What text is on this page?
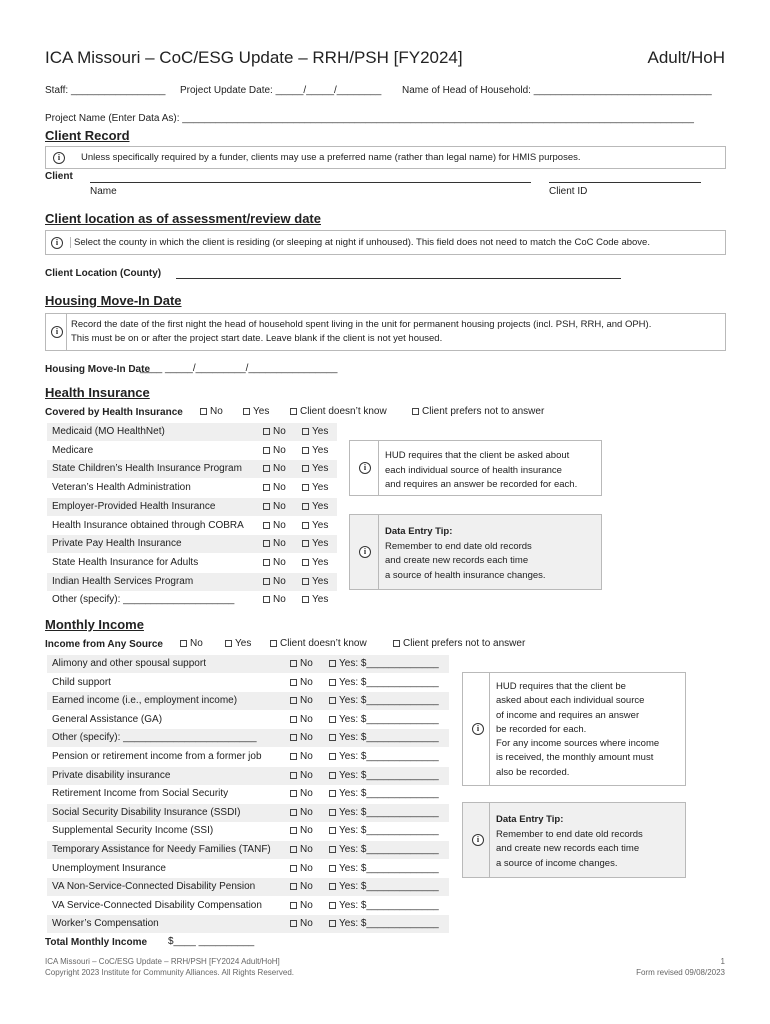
ICA Missouri – CoC/ESG Update – RRH/PSH [FY2024]	Adult/HoH
Staff: _________________ Project Update Date: _____/_____/________ Name of Head of Household: ________________________________
Project Name (Enter Data As): ____________________________________________________________________________________________
Client Record
i	Unless specifically required by a funder, clients may use a preferred name (rather than legal name) for HMIS purposes.
Client
Name	Client ID
Client location as of assessment/review date
i	Select the county in which the client is residing (or sleeping at night if unhoused). This field does not need to match the CoC Code above.
Client Location (County)
Housing Move-In Date
i
Record the date of the first night the head of household spent living in the unit for permanent housing projects (incl. PSH, RRH, and OPH).
This must be on or after the project start date. Leave blank if the client is not yet housed.
Housing Move-In Date
____ _____/_________/________________
Health Insurance
Covered by Health Insurance	No	Yes	Client doesn’t know	Client prefers not to answer
Medicaid (MO HealthNet)	No	Yes
Medicare	No	Yes
State Children’s Health Insurance Program	No	Yes
Veteran’s Health Administration	No	Yes
Employer-Provided Health Insurance	No	Yes
Health Insurance obtained through COBRA	No	Yes
Private Pay Health Insurance	No	Yes
State Health Insurance for Adults	No	Yes
Indian Health Services Program	No	Yes
Other (specify): ____________________	No	Yes
i
HUD requires that the client be asked about
each individual source of health insurance
and requires an answer be recorded for each.
i
Data Entry Tip:
Remember to end date old records
and create new records each time
a source of health insurance changes.
Monthly Income
Income from Any Source	No	Yes	Client doesn’t know	Client prefers not to answer
Alimony and other spousal support	No	Yes: $_____________
Child support	No	Yes: $_____________
Earned income (i.e., employment income)	No	Yes: $_____________
General Assistance (GA)	No	Yes: $_____________
Other (specify): ________________________	No	Yes: $_____________
Pension or retirement income from a former job	No	Yes: $_____________
Private disability insurance	No	Yes: $_____________
Retirement Income from Social Security	No	Yes: $_____________
Social Security Disability Insurance (SSDI)	No	Yes: $_____________
Supplemental Security Income (SSI)	No	Yes: $_____________
Temporary Assistance for Needy Families (TANF)	No	Yes: $_____________
Unemployment Insurance	No	Yes: $_____________
VA Non-Service-Connected Disability Pension	No	Yes: $_____________
VA Service-Connected Disability Compensation	No	Yes: $_____________
Worker’s Compensation	No	Yes: $_____________
i
HUD requires that the client be
asked about each individual source
of income and requires an answer
be recorded for each.
For any income sources where income
is received, the monthly amount must
also be recorded.
i
Data Entry Tip:
Remember to end date old records
and create new records each time
a source of income changes.
Total Monthly Income $____ __________
ICA Missouri – CoC/ESG Update – RRH/PSH [FY2024 Adult/HoH]
Copyright 2023 Institute for Community Alliances. All Rights Reserved.
1
Form revised 09/08/2023
